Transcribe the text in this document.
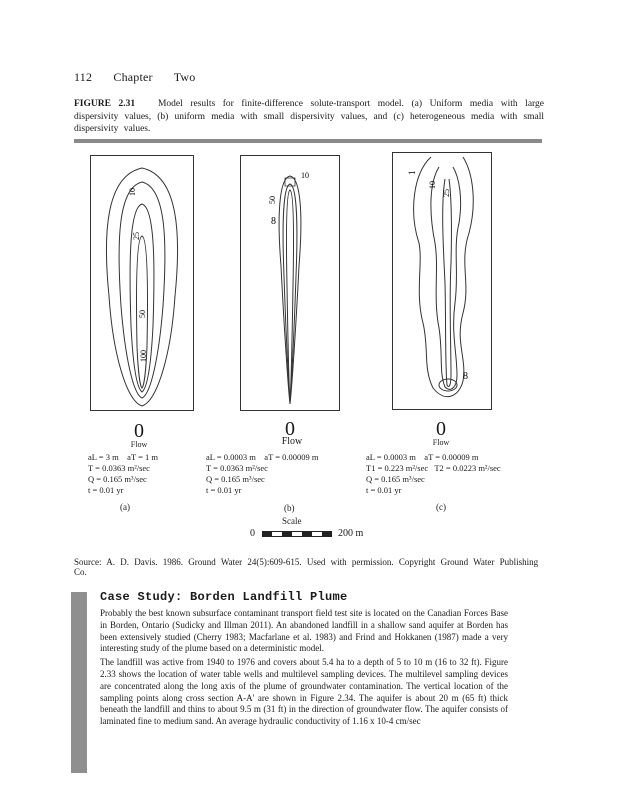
112 Chapter Two
FIGURE 2.31 Model results for finite-difference solute-transport model. (a) Uniform media with large dispersivity values, (b) uniform media with small dispersivity values, and (c) heterogeneous media with small dispersivity values.
10
25
50
100
10
50
8
1
10
25
8
0
Flow
aL = 3 m    aT = 1 m
T = 0.0363 m²/sec
Q = 0.165 m³/sec
t = 0.01 yr
(a)
0
Flow
aL = 0.0003 m    aT = 0.00009 m
T = 0.0363 m²/sec
Q = 0.165 m³/sec
t = 0.01 yr
(b)
0
Flow
aL = 0.0003 m    aT = 0.00009 m
T1 = 0.223 m²/sec   T2 = 0.0223 m²/sec
Q = 0.165 m³/sec
t = 0.01 yr
(c)
Scale
0	200 m
Source: A. D. Davis. 1986. Ground Water 24(5):609-615. Used with permission. Copyright Ground Water Publishing Co.
Case Study: Borden Landfill Plume

Probably the best known subsurface contaminant transport field test site is located on the Canadian Forces Base in Borden, Ontario (Sudicky and Illman 2011). An abandoned landfill in a shallow sand aquifer at Borden has been extensively studied (Cherry 1983; Macfarlane et al. 1983) and Frind and Hokkanen (1987) made a very interesting study of the plume based on a deterministic model.

The landfill was active from 1940 to 1976 and covers about 5.4 ha to a depth of 5 to 10 m (16 to 32 ft). Figure 2.33 shows the location of water table wells and multilevel sampling devices. The multilevel sampling devices are concentrated along the long axis of the plume of groundwater contamination. The vertical location of the sampling points along cross section A-A' are shown in Figure 2.34. The aquifer is about 20 m (65 ft) thick beneath the landfill and thins to about 9.5 m (31 ft) in the direction of groundwater flow. The aquifer consists of laminated fine to medium sand. An average hydraulic conductivity of 1.16 x 10-4 cm/sec
